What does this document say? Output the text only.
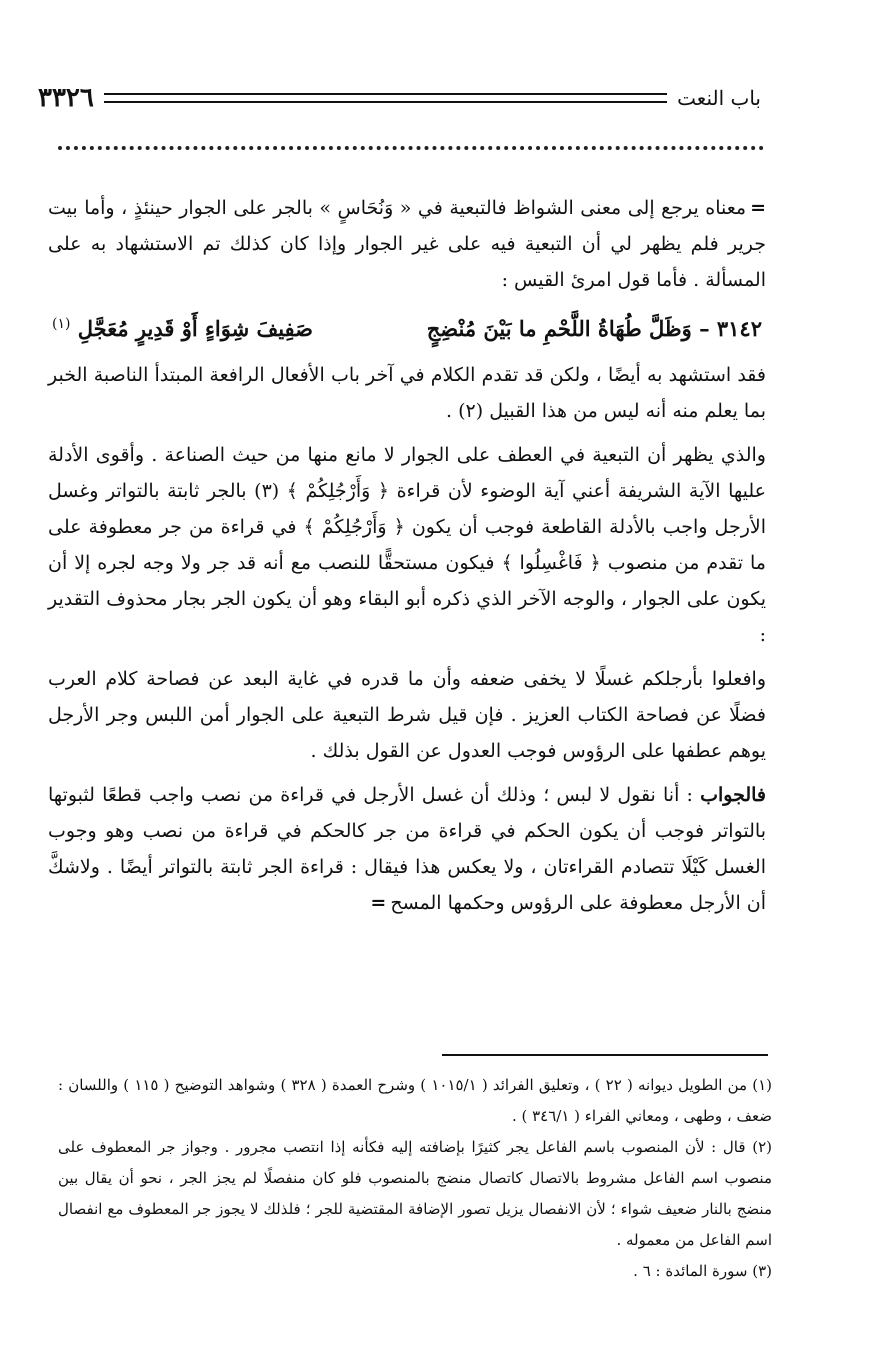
باب النعت
٣٣٢٦

=معناه يرجع إلى معنى الشواظ فالتبعية في « وَنُحَاسٍ » بالجر على الجوار حينئذٍ ، وأما بيت جرير فلم يظهر لي أن التبعية فيه على غير الجوار وإذا كان كذلك تم الاستشهاد به على المسألة . فأما قول امرئ القيس :

٣١٤٢ – وَظَلَّ طُهَاةُ اللَّحْمِ ما بَيْنَ مُنْضِجٍ
صَفِيفَ شِوَاءٍ أَوْ قَدِيرٍ مُعَجَّلِ $^{(١)}$

فقد استشهد به أيضًا ، ولكن قد تقدم الكلام في آخر باب الأفعال الرافعة المبتدأ الناصبة الخبر بما يعلم منه أنه ليس من هذا القبيل (٢) .

والذي يظهر أن التبعية في العطف على الجوار لا مانع منها من حيث الصناعة . وأقوى الأدلة عليها الآية الشريفة أعني آية الوضوء لأن قراءة ﴿ وَأَرْجُلِكُمْ ﴾ (٣) بالجر ثابتة بالتواتر وغسل الأرجل واجب بالأدلة القاطعة فوجب أن يكون ﴿ وَأَرْجُلِكُمْ ﴾ في قراءة من جر معطوفة على ما تقدم من منصوب ﴿ فَاغْسِلُوا ﴾ فيكون مستحقًّا للنصب مع أنه قد جر ولا وجه لجره إلا أن يكون على الجوار ، والوجه الآخر الذي ذكره أبو البقاء وهو أن يكون الجر بجار محذوف التقدير :

وافعلوا بأرجلكم غسلًا لا يخفى ضعفه وأن ما قدره في غاية البعد عن فصاحة كلام العرب فضلًا عن فصاحة الكتاب العزيز . فإن قيل شرط التبعية على الجوار أمن اللبس وجر الأرجل يوهم عطفها على الرؤوس فوجب العدول عن القول بذلك .

فالجواب : أنا نقول لا لبس ؛ وذلك أن غسل الأرجل في قراءة من نصب واجب قطعًا لثبوتها بالتواتر فوجب أن يكون الحكم في قراءة من جر كالحكم في قراءة من نصب وهو وجوب الغسل كَيْلَا تتصادم القراءتان ، ولا يعكس هذا فيقال : قراءة الجر ثابتة بالتواتر أيضًا . ولاشكَّ أن الأرجل معطوفة على الرؤوس وحكمها المسح=

(١) من الطويل ديوانه ( ٢٢ ) ، وتعليق الفرائد ( ١٠١٥/١ ) وشرح العمدة ( ٣٢٨ ) وشواهد التوضيح ( ١١٥ ) واللسان : ضعف ، وطهى ، ومعاني الفراء ( ٣٤٦/١ ) .

(٢) قال : لأن المنصوب باسم الفاعل يجر كثيرًا بإضافته إليه فكأنه إذا انتصب مجرور . وجواز جر المعطوف على منصوب اسم الفاعل مشروط بالاتصال كاتصال منضج بالمنصوب فلو كان منفصلًا لم يجز الجر ، نحو أن يقال بين منضج بالنار ضعيف شواء ؛ لأن الانفصال يزيل تصور الإضافة المقتضية للجر ؛ فلذلك لا يجوز جر المعطوف مع انفصال اسم الفاعل من معموله .

(٣) سورة المائدة : ٦ .
